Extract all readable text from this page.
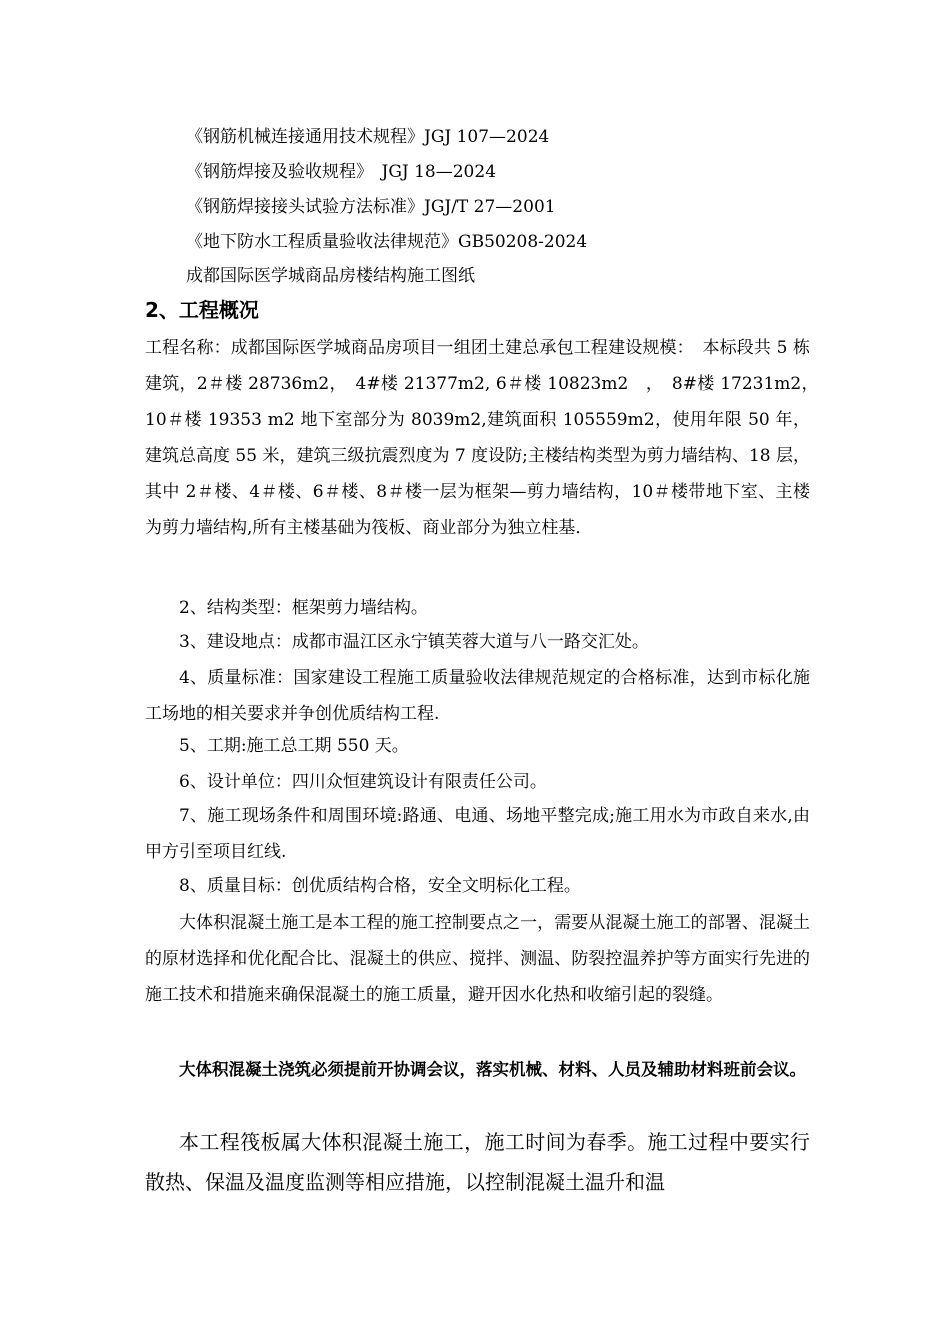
《钢筋机械连接通用技术规程》JGJ 107—2024

《钢筋焊接及验收规程》　JGJ 18—2024

《钢筋焊接接头试验方法标准》JGJ/T 27—2001

《地下防水工程质量验收法律规范》GB50208-2024

成都国际医学城商品房楼结构施工图纸

2、工程概况

工程名称：成都国际医学城商品房项目一组团土建总承包工程建设规模：　本标段共 5 栋建筑，2＃楼 28736m2，　4#楼 21377m2, 6＃楼 10823m2　，　8#楼 17231m2，　10＃楼 19353 m2 地下室部分为 8039m2,建筑面积 105559m2，使用年限 50 年，建筑总高度 55 米，建筑三级抗震烈度为 7 度设防;主楼结构类型为剪力墙结构、18 层，其中 2＃楼、4＃楼、6＃楼、8＃楼一层为框架—剪力墙结构，10＃楼带地下室、主楼为剪力墙结构,所有主楼基础为筏板、商业部分为独立柱基．

2、结构类型：框架剪力墙结构。

3、建设地点：成都市温江区永宁镇芙蓉大道与八一路交汇处。

4、质量标准：国家建设工程施工质量验收法律规范规定的合格标准，达到市标化施工场地的相关要求并争创优质结构工程.

5、工期:施工总工期 550 天。

6、设计单位：四川众恒建筑设计有限责任公司。

7、施工现场条件和周围环境:路通、电通、场地平整完成;施工用水为市政自来水,由甲方引至项目红线.

8、质量目标：创优质结构合格，安全文明标化工程。

大体积混凝土施工是本工程的施工控制要点之一，需要从混凝土施工的部署、混凝土的原材选择和优化配合比、混凝土的供应、搅拌、测温、防裂控温养护等方面实行先进的施工技术和措施来确保混凝土的施工质量，避开因水化热和收缩引起的裂缝。

大体积混凝土浇筑必须提前开协调会议，落实机械、材料、人员及辅助材料班前会议。

本工程筏板属大体积混凝土施工，施工时间为春季。施工过程中要实行散热、保温及温度监测等相应措施，以控制混凝土温升和温
